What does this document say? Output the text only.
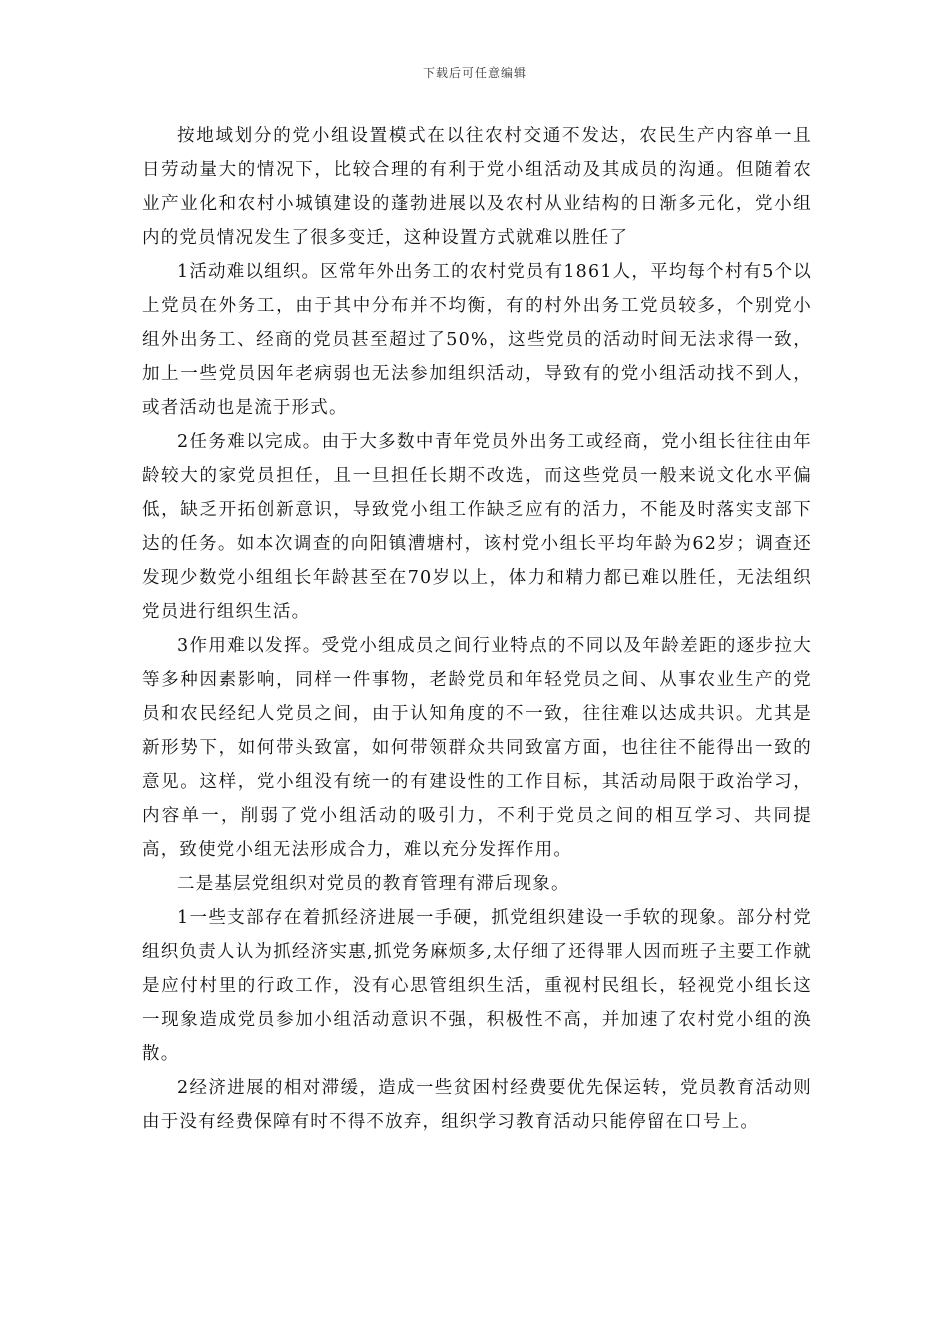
下载后可任意编辑

按地域划分的党小组设置模式在以往农村交通不发达，农民生产内容单一且日劳动量大的情况下，比较合理的有利于党小组活动及其成员的沟通。但随着农业产业化和农村小城镇建设的蓬勃进展以及农村从业结构的日渐多元化，党小组内的党员情况发生了很多变迁，这种设置方式就难以胜任了

1活动难以组织。区常年外出务工的农村党员有1861人，平均每个村有5个以上党员在外务工，由于其中分布并不均衡，有的村外出务工党员较多，个别党小组外出务工、经商的党员甚至超过了50%，这些党员的活动时间无法求得一致，加上一些党员因年老病弱也无法参加组织活动，导致有的党小组活动找不到人，或者活动也是流于形式。

2任务难以完成。由于大多数中青年党员外出务工或经商，党小组长往往由年龄较大的家党员担任，且一旦担任长期不改选，而这些党员一般来说文化水平偏低，缺乏开拓创新意识，导致党小组工作缺乏应有的活力，不能及时落实支部下达的任务。如本次调查的向阳镇漕塘村，该村党小组长平均年龄为62岁；调查还发现少数党小组组长年龄甚至在70岁以上，体力和精力都已难以胜任，无法组织党员进行组织生活。

3作用难以发挥。受党小组成员之间行业特点的不同以及年龄差距的逐步拉大等多种因素影响，同样一件事物，老龄党员和年轻党员之间、从事农业生产的党员和农民经纪人党员之间，由于认知角度的不一致，往往难以达成共识。尤其是新形势下，如何带头致富，如何带领群众共同致富方面，也往往不能得出一致的意见。这样，党小组没有统一的有建设性的工作目标，其活动局限于政治学习，内容单一，削弱了党小组活动的吸引力，不利于党员之间的相互学习、共同提高，致使党小组无法形成合力，难以充分发挥作用。

二是基层党组织对党员的教育管理有滞后现象。

1一些支部存在着抓经济进展一手硬，抓党组织建设一手软的现象。部分村党组织负责人认为抓经济实惠,抓党务麻烦多,太仔细了还得罪人因而班子主要工作就是应付村里的行政工作，没有心思管组织生活，重视村民组长，轻视党小组长这一现象造成党员参加小组活动意识不强，积极性不高，并加速了农村党小组的涣散。

2经济进展的相对滞缓，造成一些贫困村经费要优先保运转，党员教育活动则由于没有经费保障有时不得不放弃，组织学习教育活动只能停留在口号上。
